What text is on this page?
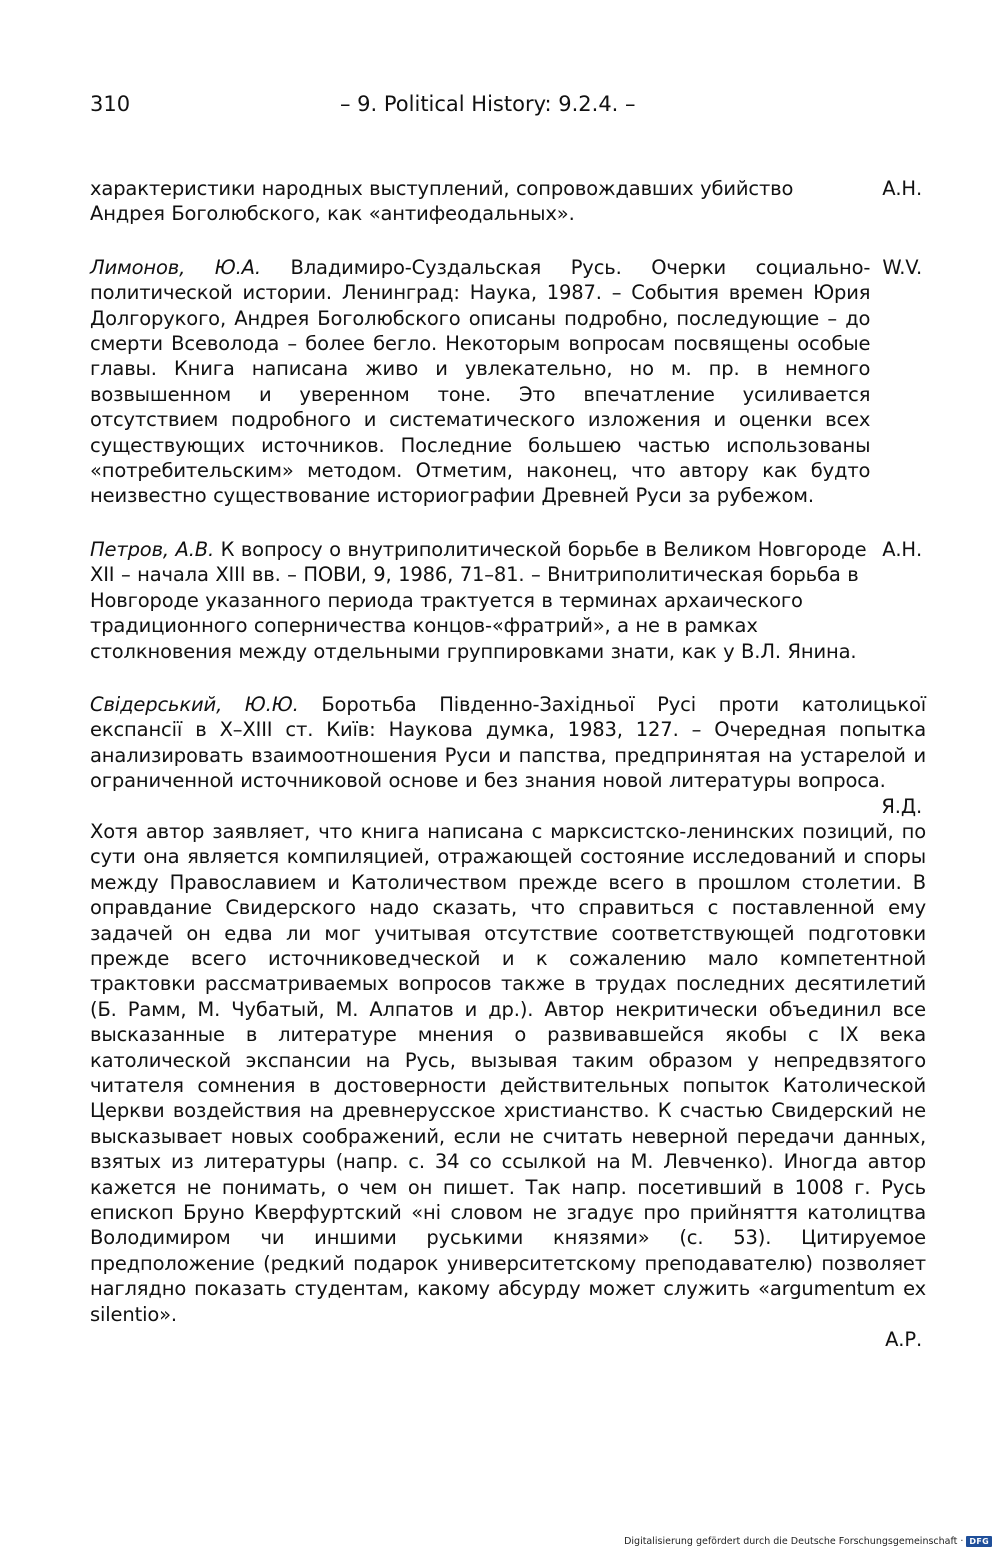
310	– 9. Political History: 9.2.4. –
характеристики народных выступлений, сопровождавших убийство Андрея Боголюбского, как «антифеодальных».
А.Н.
Лимонов, Ю.А. Владимиро-Суздальская Русь. Очерки социально-политической истории. Ленинград: Наука, 1987. – События времен Юрия Долгорукого, Андрея Боголюбского описаны подробно, последующие – до смерти Всеволода – более бегло. Некоторым вопросам посвящены особые главы. Книга написана живо и увлекательно, но м. пр. в немного возвышенном и уверенном тоне. Это впечатление усиливается отсутствием подробного и систематического изложения и оценки всех существующих источников. Последние большею частью использованы «потребительским» методом. Отметим, наконец, что автору как будто неизвестно существование историографии Древней Руси за рубежом.
W.V.
Петров, А.В. К вопросу о внутриполитической борьбе в Великом Новгороде XII – начала XIII вв. – ПОВИ, 9, 1986, 71–81. – Внитриполитическая борьба в Новгороде указанного периода трактуется в терминах архаического традиционного соперничества концов-«фратрий», а не в рамках столкновения между отдельными группировками знати, как у В.Л. Янина.
А.Н.

Свідерський, Ю.Ю. Боротьба Південно-Західньої Русі проти католицької експансії в X–XIII ст. Київ: Наукова думка, 1983, 127. – Очередная попытка анализировать взаимоотношения Руси и папства, предпринятая на устарелой и ограниченной источниковой основе и без знания новой литературы вопроса.

Я.Д.

Хотя автор заявляет, что книга написана с марксистско-ленинских позиций, по сути она является компиляцией, отражающей состояние исследований и споры между Православием и Католичеством прежде всего в прошлом столетии. В оправдание Свидерского надо сказать, что справиться с поставленной ему задачей он едва ли мог учитывая отсутствие соответствующей подготовки прежде всего источниковедческой и к сожалению мало компетентной трактовки рассматриваемых вопросов также в трудах последних десятилетий (Б. Рамм, М. Чубатый, М. Алпатов и др.). Автор некритически объединил все высказанные в литературе мнения о развивавшейся якобы с IX века католической экспансии на Русь, вызывая таким образом у непредвзятого читателя сомнения в достоверности действительных попыток Католической Церкви воздействия на древнерусское христианство. К счастью Свидерский не высказывает новых соображений, если не считать неверной передачи данных, взятых из литературы (напр. с. 34 со ссылкой на М. Левченко). Иногда автор кажется не понимать, о чем он пишет. Так напр. посетивший в 1008 г. Русь епископ Бруно Кверфуртский «ні словом не згадує про прийняття католицтва Володимиром чи иншими руськими князями» (с. 53). Цитируемое предположение (редкий подарок университетскому преподавателю) позволяет наглядно показать студентам, какому абсурду может служить «argumentum ex silentio».

А.Р.
Digitalisierung gefördert durch die Deutsche Forschungsgemeinschaft · DFG
